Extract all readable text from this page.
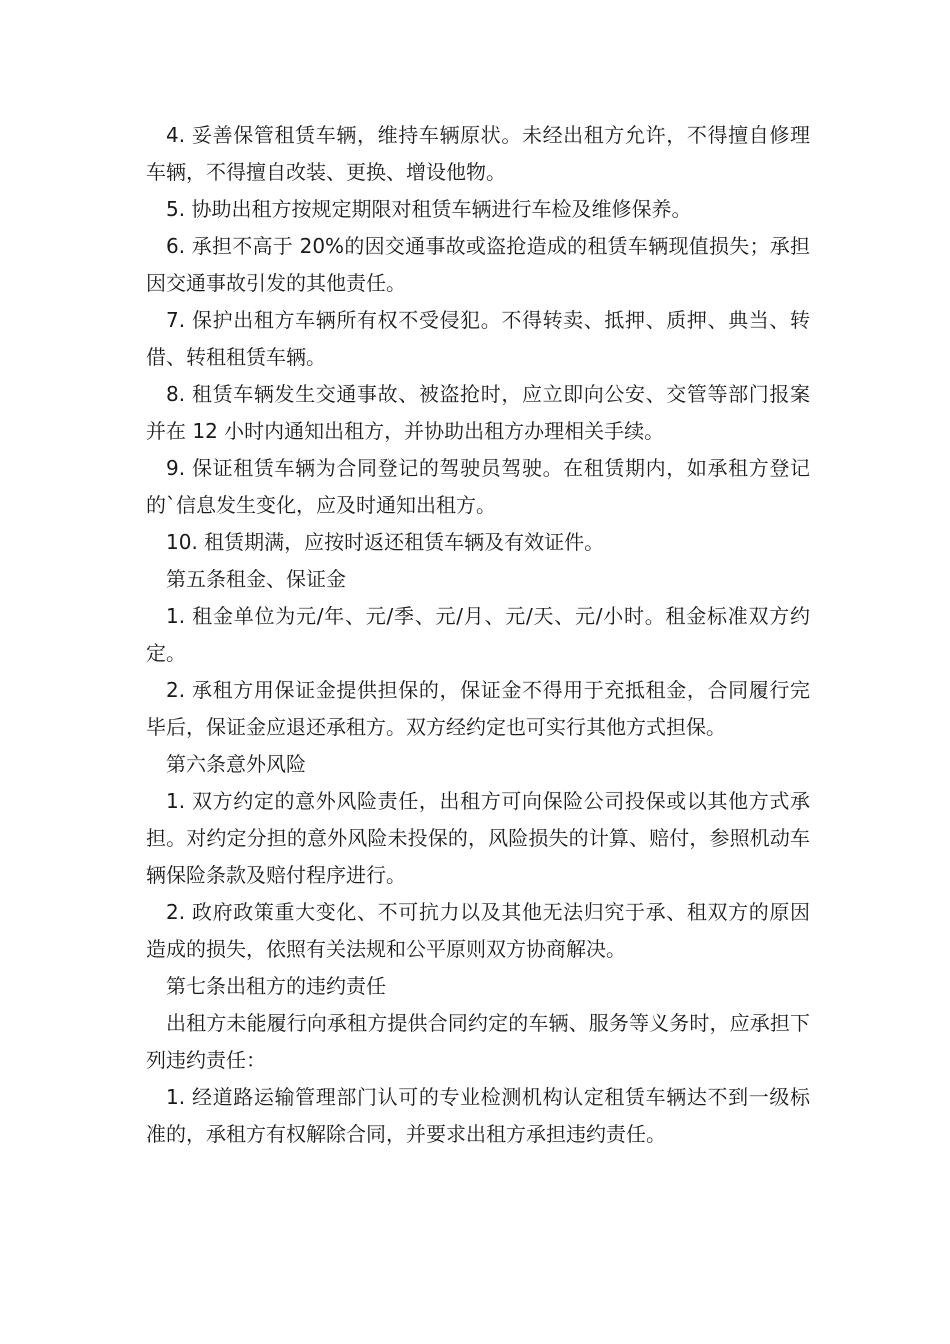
4. 妥善保管租赁车辆，维持车辆原状。未经出租方允许，不得擅自修理车辆，不得擅自改装、更换、增设他物。

5. 协助出租方按规定期限对租赁车辆进行车检及维修保养。

6. 承担不高于 20%的因交通事故或盗抢造成的租赁车辆现值损失；承担因交通事故引发的其他责任。

7. 保护出租方车辆所有权不受侵犯。不得转卖、抵押、质押、典当、转借、转租租赁车辆。

8. 租赁车辆发生交通事故、被盗抢时，应立即向公安、交管等部门报案并在 12 小时内通知出租方，并协助出租方办理相关手续。

9. 保证租赁车辆为合同登记的驾驶员驾驶。在租赁期内，如承租方登记的`信息发生变化，应及时通知出租方。

10. 租赁期满，应按时返还租赁车辆及有效证件。

第五条租金、保证金

1. 租金单位为元/年、元/季、元/月、元/天、元/小时。租金标准双方约定。

2. 承租方用保证金提供担保的，保证金不得用于充抵租金，合同履行完毕后，保证金应退还承租方。双方经约定也可实行其他方式担保。

第六条意外风险

1. 双方约定的意外风险责任，出租方可向保险公司投保或以其他方式承担。对约定分担的意外风险未投保的，风险损失的计算、赔付，参照机动车辆保险条款及赔付程序进行。

2. 政府政策重大变化、不可抗力以及其他无法归究于承、租双方的原因造成的损失，依照有关法规和公平原则双方协商解决。

第七条出租方的违约责任

出租方未能履行向承租方提供合同约定的车辆、服务等义务时，应承担下列违约责任：

1. 经道路运输管理部门认可的专业检测机构认定租赁车辆达不到一级标准的，承租方有权解除合同，并要求出租方承担违约责任。
